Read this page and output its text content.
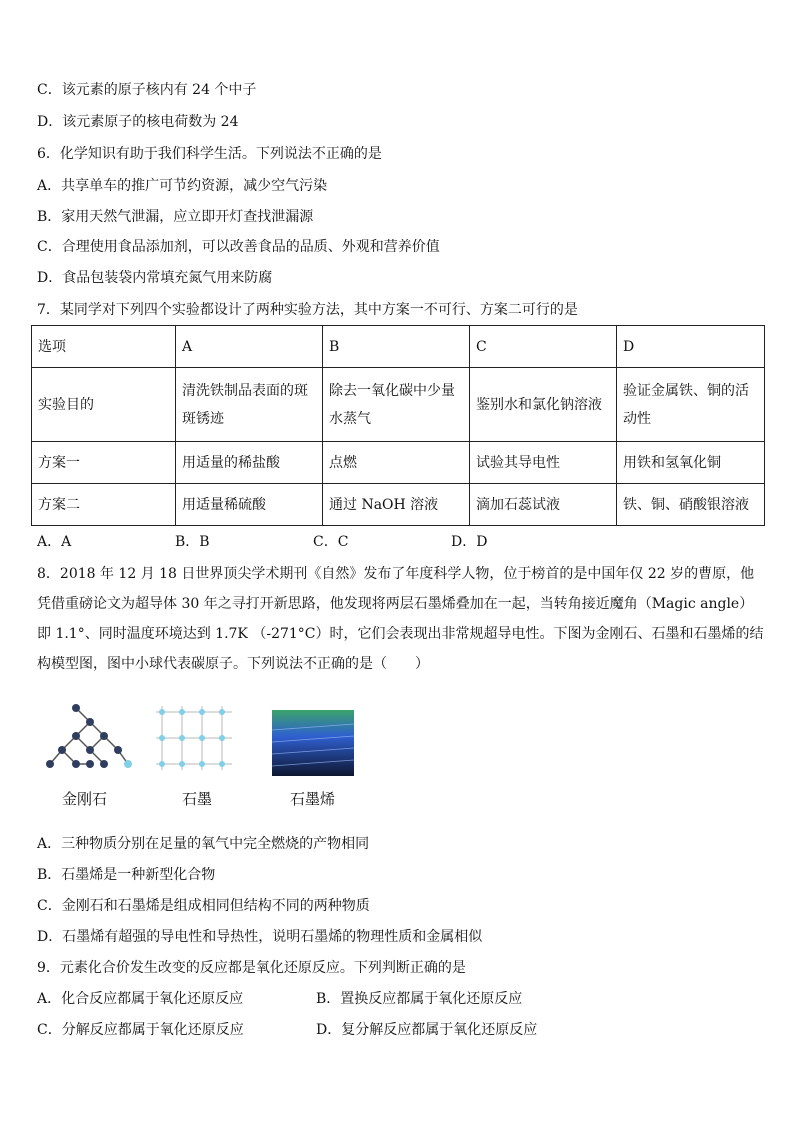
C．该元素的原子核内有 24 个中子
D．该元素原子的核电荷数为 24
6．化学知识有助于我们科学生活。下列说法不正确的是
A．共享单车的推广可节约资源，减少空气污染
B．家用天然气泄漏，应立即开灯查找泄漏源
C．合理使用食品添加剂，可以改善食品的品质、外观和营养价值
D．食品包装袋内常填充氮气用来防腐
7．某同学对下列四个实验都设计了两种实验方法，其中方案一不可行、方案二可行的是
选项	A	B	C	D
实验目的	清洗铁制品表面的斑斑锈迹	除去一氧化碳中少量水蒸气	鉴别水和氯化钠溶液	验证金属铁、铜的活动性
方案一	用适量的稀盐酸	点燃	试验其导电性	用铁和氢氧化铜
方案二	用适量稀硫酸	通过 NaOH 溶液	滴加石蕊试液	铁、铜、硝酸银溶液
A．A	B．B	C．C	D．D
8．2018 年 12 月 18 日世界顶尖学术期刊《自然》发布了年度科学人物，位于榜首的是中国年仅 22 岁的曹原，他凭借重磅论文为超导体 30 年之寻打开新思路，他发现将两层石墨烯叠加在一起，当转角接近魔角（Magic angle）即 1.1°、同时温度环境达到 1.7K （-271°C）时，它们会表现出非常规超导电性。下图为金刚石、石墨和石墨烯的结构模型图，图中小球代表碳原子。下列说法不正确的是（　　）
金刚石	石墨	石墨烯
A．三种物质分别在足量的氧气中完全燃烧的产物相同
B．石墨烯是一种新型化合物
C．金刚石和石墨烯是组成相同但结构不同的两种物质
D．石墨烯有超强的导电性和导热性，说明石墨烯的物理性质和金属相似
9．元素化合价发生改变的反应都是氧化还原反应。下列判断正确的是
A．化合反应都属于氧化还原反应	B．置换反应都属于氧化还原反应
C．分解反应都属于氧化还原反应	D．复分解反应都属于氧化还原反应
